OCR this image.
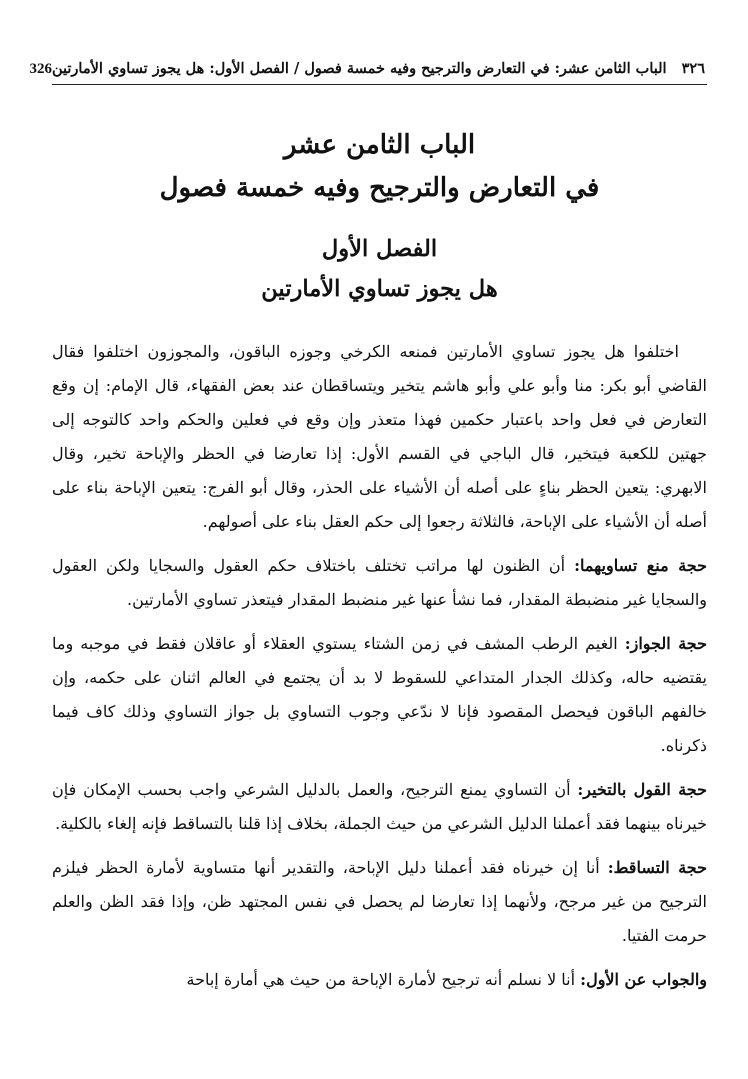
٣٢٦ الباب الثامن عشر: في التعارض والترجيح وفيه خمسة فصول / الفصل الأول: هل يجوز تساوي الأمارتين
326
الباب الثامن عشر
في التعارض والترجيح وفيه خمسة فصول
الفصل الأول
هل يجوز تساوي الأمارتين

اختلفوا هل يجوز تساوي الأمارتين فمنعه الكرخي وجوزه الباقون، والمجوزون اختلفوا فقال القاضي أبو بكر: منا وأبو علي وأبو هاشم يتخير ويتساقطان عند بعض الفقهاء، قال الإمام: إن وقع التعارض في فعل واحد باعتبار حكمين فهذا متعذر وإن وقع في فعلين والحكم واحد كالتوجه إلى جهتين للكعبة فيتخير، قال الباجي في القسم الأول: إذا تعارضا في الحظر والإباحة تخير، وقال الابهري: يتعين الحظر بناءٍ على أصله أن الأشياء على الحذر، وقال أبو الفرج: يتعين الإباحة بناء على أصله أن الأشياء على الإباحة، فالثلاثة رجعوا إلى حكم العقل بناء على أصولهم.

حجة منع تساويهما: أن الظنون لها مراتب تختلف باختلاف حكم العقول والسجايا ولكن العقول والسجايا غير منضبطة المقدار، فما نشأ عنها غير منضبط المقدار فيتعذر تساوي الأمارتين.

حجة الجواز: الغيم الرطب المشف في زمن الشتاء يستوي العقلاء أو عاقلان فقط في موجبه وما يقتضيه حاله، وكذلك الجدار المتداعي للسقوط لا بد أن يجتمع في العالم اثنان على حكمه، وإن خالفهم الباقون فيحصل المقصود فإنا لا ندّعي وجوب التساوي بل جواز التساوي وذلك كاف فيما ذكرناه.

حجة القول بالتخير: أن التساوي يمنع الترجيح، والعمل بالدليل الشرعي واجب بحسب الإمكان فإن خيرناه بينهما فقد أعملنا الدليل الشرعي من حيث الجملة، بخلاف إذا قلنا بالتساقط فإنه إلغاء بالكلية.

حجة التساقط: أنا إن خيرناه فقد أعملنا دليل الإباحة، والتقدير أنها متساوية لأمارة الحظر فيلزم الترجيح من غير مرجح، ولأنهما إذا تعارضا لم يحصل في نفس المجتهد ظن، وإذا فقد الظن والعلم حرمت الفتيا.

والجواب عن الأول: أنا لا نسلم أنه ترجيح لأمارة الإباحة من حيث هي أمارة إباحة
